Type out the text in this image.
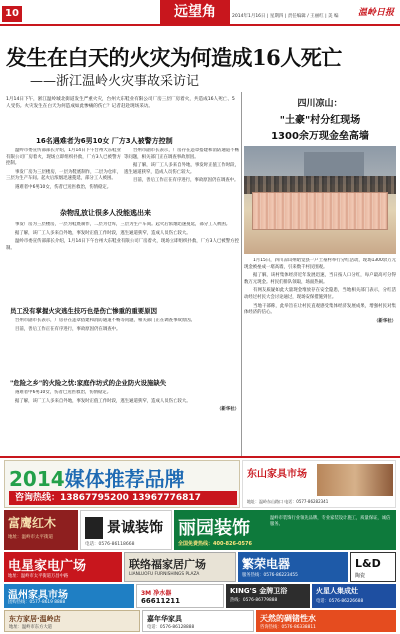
10	远望角	2014年1月16日 | 星期四 | 责任编辑 / 王丽红 | 美 编 温岭日报
发生在白天的火灾为何造成16人死亡
——浙江温岭火灾事故采访记
1月14日下午，浙江温岭城北街道发生严重火灾，台州大东鞋业有限公司厂房三层厂房着火，共造成16人死亡、5人受伤。火灾发生在白天为何造成如此惨痛的伤亡？记者赶赴现场采访。
16名遇难者为6男10女 厂方3人被警方控制

温岭市委宣传部部长介绍，1月14日下午台州大东鞋业有限公司厂房着火，现场立即组织扑救，厂方3人已被警方控制。

事发厂房为三层楼房，一层为鞋底制作，二层为仓库，三层为生产车间。起火后浓烟迅速蔓延，部分工人被困。

遇难者中6男10女，伤者已送医救治，伤情稳定。

台州市副市长表示，厂房存在违章搭建和消防通道不畅等问题，相关部门正在调查事故原因。

据了解，该厂工人多来自外地，事发时正值工作时段，逃生通道狭窄，造成人员伤亡较大。

目前，善后工作正在有序进行，事故原因仍在调查中。

杂物乱放让很多人没能逃出来
员工没有掌握火灾逃生技巧也是伤亡惨重的重要原因
"危险之乡"的火险之忧:家庭作坊式的企业防火设施缺失

事发厂房为三层楼房，一层为鞋底制作，二层为仓库，三层为生产车间。起火后浓烟迅速蔓延，部分工人被困。

据了解，该厂工人多来自外地，事发时正值工作时段，逃生通道狭窄，造成人员伤亡较大。

温岭市委宣传部部长介绍，1月14日下午台州大东鞋业有限公司厂房着火，现场立即组织扑救，厂方3人已被警方控制。

台州市副市长表示，厂房存在违章搭建和消防通道不畅等问题，相关部门正在调查事故原因。

目前，善后工作正在有序进行，事故原因仍在调查中。

遇难者中6男10女，伤者已送医救治，伤情稳定。

据了解，该厂工人多来自外地，事发时正值工作时段，逃生通道狭窄，造成人员伤亡较大。

（新华社）

四川凉山：
"土豪"村分红现场
1300余万现金垒高墙

1月15日，四川凉山州昭觉县一户土豪村举行分红活动，现场1300余万元现金被垒成一堵高墙，引来数千村民围观。

据了解，该村集体经济近年发展迅速，当日按人口分红，每户最高可分得数万元现金。村民们排队领取，场面热闹。

有网友质疑如此大量现金堆放存在安全隐患，当地相关部门表示，分红活动经过村民大会讨论通过，现场安保措施到位。

当地干部称，此举旨在让村民直观感受集体经济发展成果，增强村民对集体经济的信心。

（新华社）

2014媒体推荐品牌
咨询热线：13867795200 13967776817
东山家具市场
地址：温岭东山路口 电话：0577-86282341
富鹰红木
地址：温岭市太平街道
景诚装饰
电话：0576-86118668
丽园装饰	温岭市装饰行业领先品牌，专业家装设计施工，质量保证，诚信服务。
全国免费热线：400-826-0576
电星家电广场
地址：温岭市太平街道万昌中路
联络福家居广场
LIANLUOFU FURNISHINGS PLAZA
繁荣电器
服务热线：0576-86223455
L&D
陶瓷
温州家具市场
团购热线：0577-8619 8888
3M 净水器
66611211
KING'S 金牌卫浴
热线：0576-86779888
火星人集成灶
电话：0576-86226688
东方家居·温岭店
地址：温岭市东方大道
嘉年华家具
电话：0576-86128888
天然的碉锗性水
咨询热线：0576-86338811
